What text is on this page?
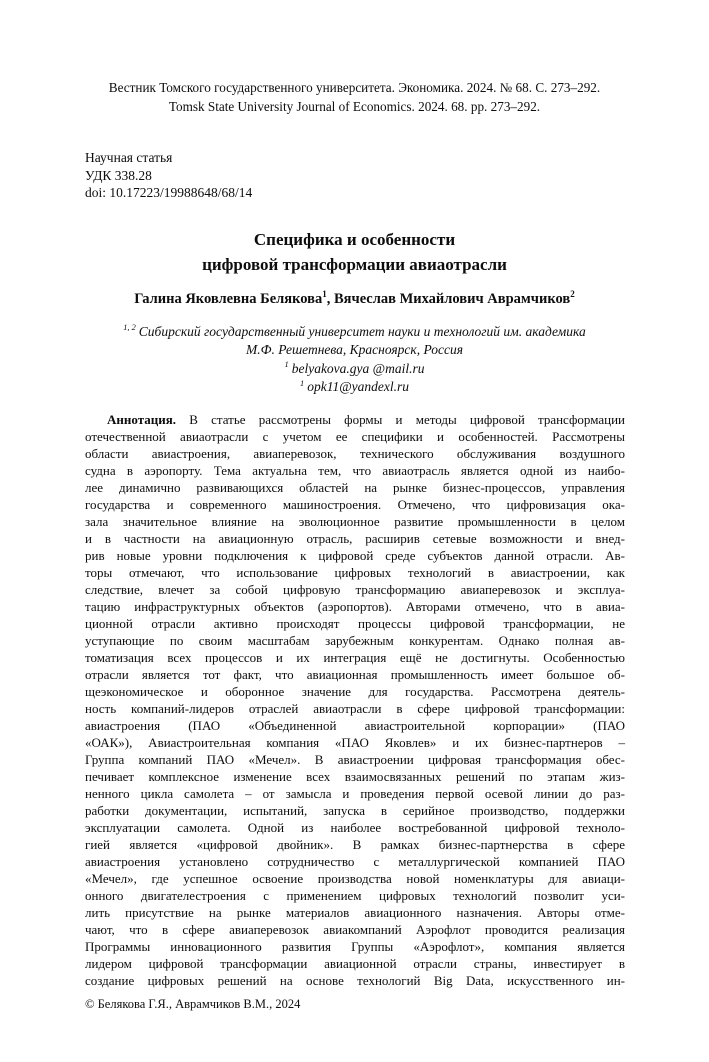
Вестник Томского государственного университета. Экономика. 2024. № 68. С. 273–292.
Tomsk State University Journal of Economics. 2024. 68. pp. 273–292.
Научная статья
УДК 338.28
doi: 10.17223/19988648/68/14
Специфика и особенности
цифровой трансформации авиаотрасли
Галина Яковлевна Белякова$^1$, Вячеслав Михайлович Аврамчиков$^2$
$^{1, 2}$ Сибирский государственный университет науки и технологий им. академика
М.Ф. Решетнева, Красноярск, Россия
$^1$ belyakova.gya @mail.ru
$^1$ opk11@yandexl.ru
Аннотация. В статье рассмотрены формы и методы цифровой трансформации
отечественной авиаотрасли с учетом ее специфики и особенностей. Рассмотрены
области авиастроения, авиаперевозок, технического обслуживания воздушного
судна в аэропорту. Тема актуальна тем, что авиаотрасль является одной из наибо-
лее динамично развивающихся областей на рынке бизнес-процессов, управления
государства и современного машиностроения. Отмечено, что цифровизация ока-
зала значительное влияние на эволюционное развитие промышленности в целом
и в частности на авиационную отрасль, расширив сетевые возможности и внед-
рив новые уровни подключения к цифровой среде субъектов данной отрасли. Ав-
торы отмечают, что использование цифровых технологий в авиастроении, как
следствие, влечет за собой цифровую трансформацию авиаперевозок и эксплуа-
тацию инфраструктурных объектов (аэропортов). Авторами отмечено, что в авиа-
ционной отрасли активно происходят процессы цифровой трансформации, не
уступающие по своим масштабам зарубежным конкурентам. Однако полная ав-
томатизация всех процессов и их интеграция ещё не достигнуты. Особенностью
отрасли является тот факт, что авиационная промышленность имеет большое об-
щеэкономическое и оборонное значение для государства. Рассмотрена деятель-
ность компаний-лидеров отраслей авиаотрасли в сфере цифровой трансформации:
авиастроения (ПАО «Объединенной авиастроительной корпорации» (ПАО
«ОАК»), Авиастроительная компания «ПАО Яковлев» и их бизнес-партнеров –
Группа компаний ПАО «Мечел». В авиастроении цифровая трансформация обес-
печивает комплексное изменение всех взаимосвязанных решений по этапам жиз-
ненного цикла самолета – от замысла и проведения первой осевой линии до раз-
работки документации, испытаний, запуска в серийное производство, поддержки
эксплуатации самолета. Одной из наиболее востребованной цифровой техноло-
гией является «цифровой двойник». В рамках бизнес-партнерства в сфере
авиастроения установлено сотрудничество с металлургической компанией ПАО
«Мечел», где успешное освоение производства новой номенклатуры для авиаци-
онного двигателестроения с применением цифровых технологий позволит уси-
лить присутствие на рынке материалов авиационного назначения. Авторы отме-
чают, что в сфере авиаперевозок авиакомпаний Аэрофлот проводится реализация
Программы инновационного развития Группы «Аэрофлот», компания является
лидером цифровой трансформации авиационной отрасли страны, инвестирует в
создание цифровых решений на основе технологий Big Data, искусственного ин-
© Белякова Г.Я., Аврамчиков В.М., 2024
